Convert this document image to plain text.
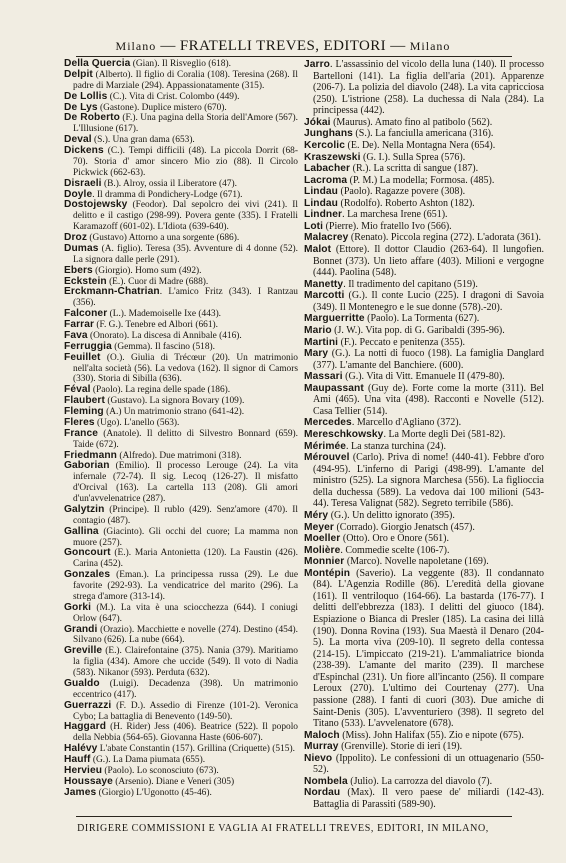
Milano — FRATELLI TREVES, EDITORI — Milano

Della Quercia (Gian). Il Risveglio (618).

Delpit (Alberto). Il figlio di Coralia (108). Teresina (268). Il padre di Marziale (294). Appassionatamente (315).

De Lollis (C.). Vita di Crist. Colombo (449).

De Lys (Gastone). Duplice mistero (670).

De Roberto (F.). Una pagina della Storia dell'Amore (567). L'Illusione (617).

Deval (S.). Una gran dama (653).

Dickens (C.). Tempi difficili (48). La piccola Dorrit (68-70). Storia d' amor sincero Mio zio (88). Il Circolo Pickwick (662-63).

Disraeli (B.). Alroy, ossia il Liberatore (47).

Doyle. Il dramma di Pondichery-Lodge (671).

Dostojewsky (Feodor). Dal sepolcro dei vivi (241). Il delitto e il castigo (298-99). Povera gente (335). I Fratelli Karamazoff (601-02). L'Idiota (639-640).

Droz (Gustavo) Attorno a una sorgente (686).

Dumas (A. figlio). Teresa (35). Avventure di 4 donne (52). La signora dalle perle (291).

Ebers (Giorgio). Homo sum (492).

Eckstein (E.). Cuor di Madre (688).

Erckmann-Chatrian. L'amico Fritz (343). I Rantzau (356).

Falconer (L.). Mademoiselle Ixe (443).

Farrar (F. G.). Tenebre ed Albori (661).

Fava (Onorato). La discesa di Annibale (416).

Ferruggia (Gemma). Il fascino (518).

Feuillet (O.). Giulia di Trécœur (20). Un matrimonio nell'alta società (56). La vedova (162). Il signor di Camors (330). Storia di Sibilla (636).

Féval (Paolo). La regina delle spade (186).

Flaubert (Gustavo). La signora Bovary (109).

Fleming (A.) Un matrimonio strano (641-42).

Fleres (Ugo). L'anello (563).

France (Anatole). Il delitto di Silvestro Bonnard (659). Taide (672).

Friedmann (Alfredo). Due matrimoni (318).

Gaborian (Emilio). Il processo Lerouge (24). La vita infernale (72-74). Il sig. Lecoq (126-27). Il misfatto d'Orcival (163). La cartella 113 (208). Gli amori d'un'avvelenatrice (287).

Galytzin (Principe). Il rublo (429). Senz'amore (470). Il contagio (487).

Gallina (Giacinto). Gli occhi del cuore; La mamma non muore (257).

Goncourt (E.). Maria Antonietta (120). La Faustin (426). Carina (452).

Gonzales (Eman.). La principessa russa (29). Le due favorite (292-93). La vendicatrice del marito (296). La strega d'amore (313-14).

Gorki (M.). La vita è una sciocchezza (644). I coniugi Orlow (647).

Grandi (Orazio). Macchiette e novelle (274). Destino (454). Silvano (626). La nube (664).

Greville (E.). Clairefontaine (375). Nania (379). Maritiamo la figlia (434). Amore che uccide (549). Il voto di Nadia (583). Nikanor (593). Perduta (632).

Gualdo (Luigi). Decadenza (398). Un matrimonio eccentrico (417).

Guerrazzi (F. D.). Assedio di Firenze (101-2). Veronica Cybo; La battaglia di Benevento (149-50).

Haggard (H. Rider) Jess (406). Beatrice (522). Il popolo della Nebbia (564-65). Giovanna Haste (606-607).

Halévy L'abate Constantin (157). Grillina (Criquette) (515).

Hauff (G.). La Dama piumata (655).

Hervieu (Paolo). Lo sconosciuto (673).

Houssaye (Arsenio). Diane e Veneri (305)

James (Giorgio) L'Ugonotto (45-46).

Jarro. L'assassinio del vicolo della luna (140). Il processo Bartelloni (141). La figlia dell'aria (201). Apparenze (206-7). La polizia del diavolo (248). La vita capricciosa (250). L'istrione (258). La duchessa di Nala (284). La principessa (442).

Jókai (Maurus). Amato fino al patibolo (562).

Junghans (S.). La fanciulla americana (316).

Kercolic (E. De). Nella Montagna Nera (654).

Kraszewski (G. I.). Sulla Sprea (576).

Labacher (R.). La scritta di sangue (187).

Lacroma (P. M.) La modella; Formosa. (485).

Lindau (Paolo). Ragazze povere (308).

Lindau (Rodolfo). Roberto Ashton (182).

Lindner. La marchesa Irene (651).

Loti (Pierre). Mio fratello Ivo (566).

Malacrey (Renato). Piccola regina (272). L'adorata (361).

Malot (Ettore). Il dottor Claudio (263-64). Il lungofien. Bonnet (373). Un lieto affare (403). Milioni e vergogne (444). Paolina (548).

Manetty. Il tradimento del capitano (519).

Marcotti (G.). Il conte Lucio (225). I dragoni di Savoia (349). Il Montenegro e le sue donne (578).-20).

Marguerritte (Paolo). La Tormenta (627).

Mario (J. W.). Vita pop. di G. Garibaldi (395-96).

Martini (F.). Peccato e penitenza (355).

Mary (G.). La notti di fuoco (198). La famiglia Danglard (377). L'amante del Banchiere. (600).

Massari (G.). Vita di Vitt. Emanuele II (479-80).

Maupassant (Guy de). Forte come la morte (311). Bel Ami (465). Una vita (498). Racconti e Novelle (512). Casa Tellier (514).

Mercedes. Marcello d'Agliano (372).

Mereschkowsky. La Morte degli Dei (581-82).

Mérimée. La stanza turchina (24).

Mérouvel (Carlo). Priva di nome! (440-41). Febbre d'oro (494-95). L'inferno di Parigi (498-99). L'amante del ministro (525). La signora Marchesa (556). La figlioccia della duchessa (589). La vedova dai 100 milioni (543-44). Teresa Valignat (582). Segreto terribile (586).

Méry (G.). Un delitto ignorato (395).

Meyer (Corrado). Giorgio Jenatsch (457).

Moeller (Otto). Oro e Onore (561).

Molière. Commedie scelte (106-7).

Monnier (Marco). Novelle napoletane (169).

Montépin (Saverio). La veggente (83). Il condannato (84). L'Agenzia Rodille (86). L'eredità della giovane (161). Il ventriloquo (164-66). La bastarda (176-77). I delitti dell'ebbrezza (183). I delitti del giuoco (184). Espiazione o Bianca di Presler (185). La casina dei lillà (190). Donna Rovina (193). Sua Maestà il Denaro (204-5). La morta viva (209-10). Il segreto della contessa (214-15). L'impiccato (219-21). L'ammaliatrice bionda (238-39). L'amante del marito (239). Il marchese d'Espinchal (231). Un fiore all'incanto (256). Il compare Leroux (270). L'ultimo dei Courtenay (277). Una passione (288). I fanti di cuori (303). Due amiche di Saint-Denis (305). L'avventuriero (398). Il segreto del Titano (533). L'avvelenatore (678).

Maloch (Miss). John Halifax (55). Zio e nipote (675).

Murray (Grenville). Storie di ieri (19).

Nievo (Ippolito). Le confessioni di un ottuagenario (550-52).

Nombela (Julio). La carrozza del diavolo (7).

Nordau (Max). Il vero paese de' miliardi (142-43). Battaglia di Parassiti (589-90).

DIRIGERE COMMISSIONI E VAGLIA AI FRATELLI TREVES, EDITORI, IN MILANO,
